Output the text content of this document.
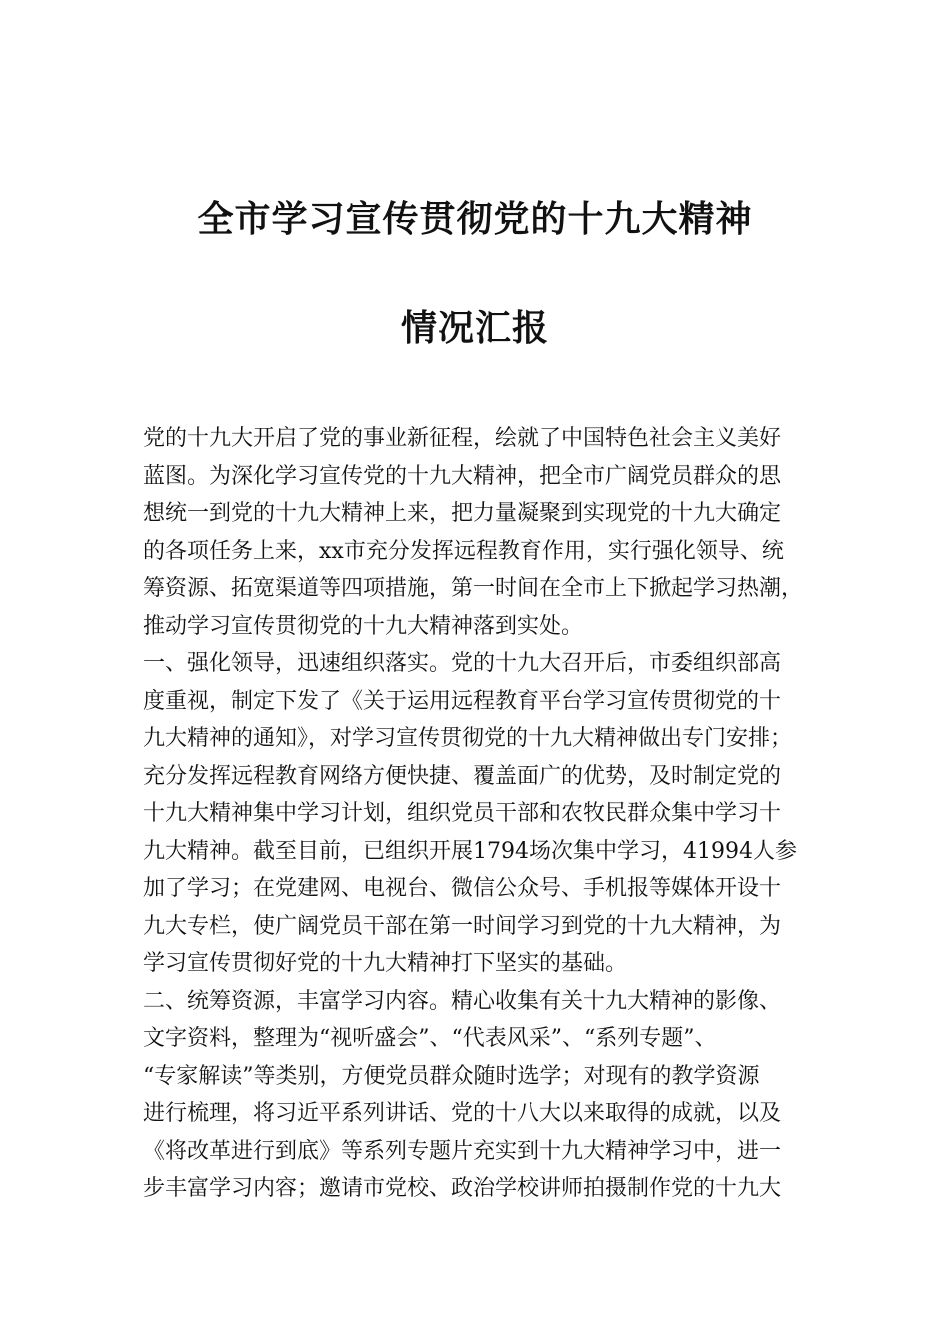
全市学习宣传贯彻党的十九大精神
情况汇报
党的十九大开启了党的事业新征程，绘就了中国特色社会主义美好
蓝图。为深化学习宣传党的十九大精神，把全市广阔党员群众的思
想统一到党的十九大精神上来，把力量凝聚到实现党的十九大确定
的各项任务上来，xx市充分发挥远程教育作用，实行强化领导、统
筹资源、拓宽渠道等四项措施，第一时间在全市上下掀起学习热潮，
推动学习宣传贯彻党的十九大精神落到实处。
一、强化领导，迅速组织落实。党的十九大召开后，市委组织部高
度重视，制定下发了《关于运用远程教育平台学习宣传贯彻党的十
九大精神的通知》，对学习宣传贯彻党的十九大精神做出专门安排；
充分发挥远程教育网络方便快捷、覆盖面广的优势，及时制定党的
十九大精神集中学习计划，组织党员干部和农牧民群众集中学习十
九大精神。截至目前，已组织开展1794场次集中学习，41994人参
加了学习；在党建网、电视台、微信公众号、手机报等媒体开设十
九大专栏，使广阔党员干部在第一时间学习到党的十九大精神，为
学习宣传贯彻好党的十九大精神打下坚实的基础。
二、统筹资源，丰富学习内容。精心收集有关十九大精神的影像、
文字资料，整理为“视听盛会”、“代表风采”、“系列专题”、
“专家解读”等类别，方便党员群众随时选学；对现有的教学资源
进行梳理，将习近平系列讲话、党的十八大以来取得的成就，以及
《将改革进行到底》等系列专题片充实到十九大精神学习中，进一
步丰富学习内容；邀请市党校、政治学校讲师拍摄制作党的十九大
